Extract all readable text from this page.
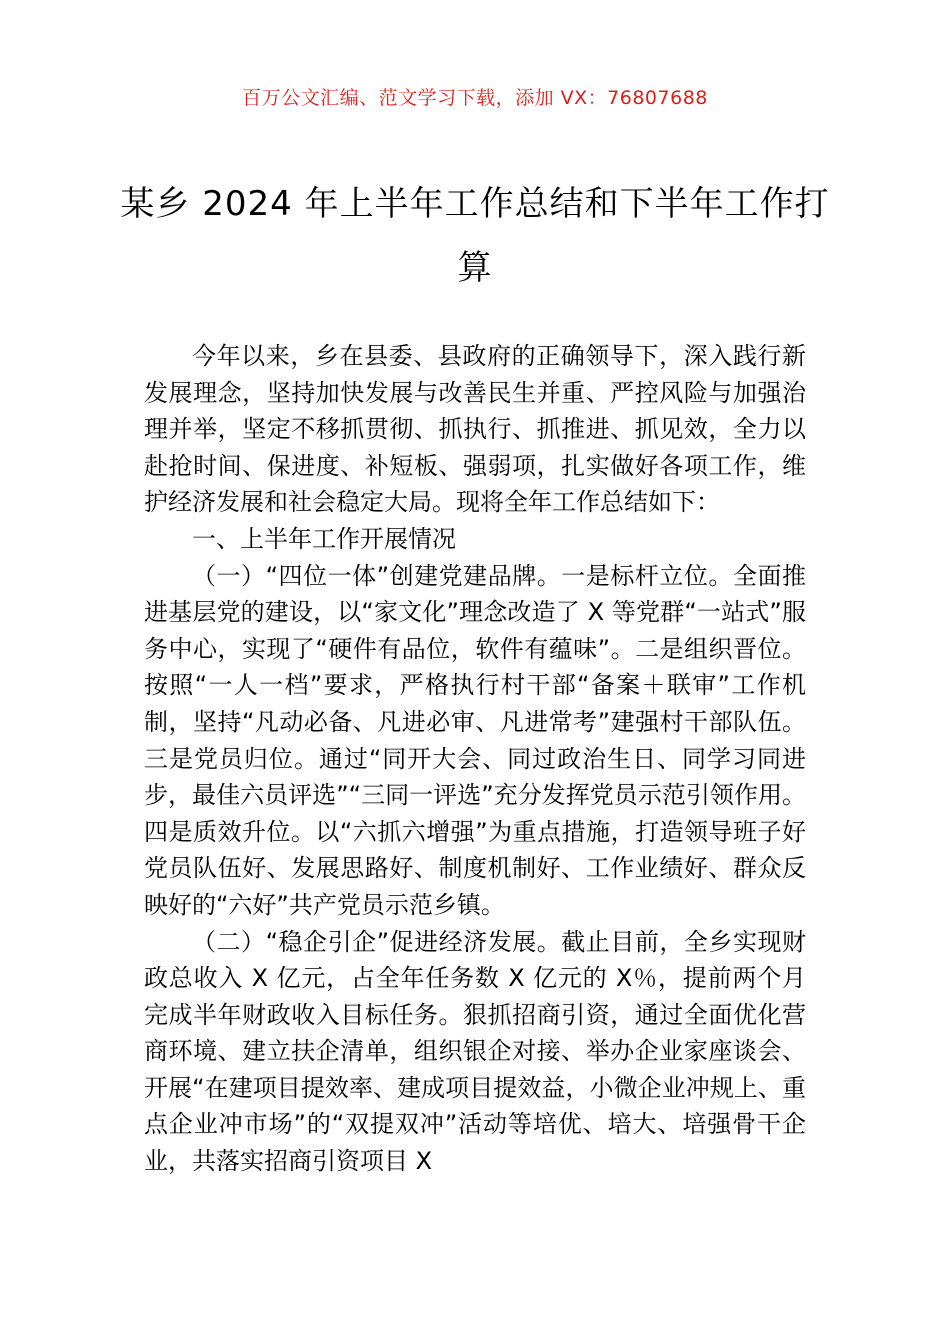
百万公文汇编、范文学习下载，添加 VX：76807688
某乡 2024 年上半年工作总结和下半年工作打算

今年以来，乡在县委、县政府的正确领导下，深入践行新发展理念，坚持加快发展与改善民生并重、严控风险与加强治理并举，坚定不移抓贯彻、抓执行、抓推进、抓见效，全力以赴抢时间、保进度、补短板、强弱项，扎实做好各项工作，维护经济发展和社会稳定大局。现将全年工作总结如下：

一、上半年工作开展情况

（一）“四位一体”创建党建品牌。一是标杆立位。全面推进基层党的建设，以“家文化”理念改造了 X 等党群“一站式”服务中心，实现了“硬件有品位，软件有蕴味”。二是组织晋位。按照“一人一档”要求，严格执行村干部“备案＋联审”工作机制，坚持“凡动必备、凡进必审、凡进常考”建强村干部队伍。三是党员归位。通过“同开大会、同过政治生日、同学习同进步，最佳六员评选”“三同一评选”充分发挥党员示范引领作用。四是质效升位。以“六抓六增强”为重点措施，打造领导班子好党员队伍好、发展思路好、制度机制好、工作业绩好、群众反映好的“六好”共产党员示范乡镇。

（二）“稳企引企”促进经济发展。截止目前，全乡实现财政总收入 X 亿元，占全年任务数 X 亿元的 X％，提前两个月完成半年财政收入目标任务。狠抓招商引资，通过全面优化营商环境、建立扶企清单，组织银企对接、举办企业家座谈会、开展“在建项目提效率、建成项目提效益，小微企业冲规上、重点企业冲市场”的“双提双冲”活动等培优、培大、培强骨干企业，共落实招商引资项目 X
